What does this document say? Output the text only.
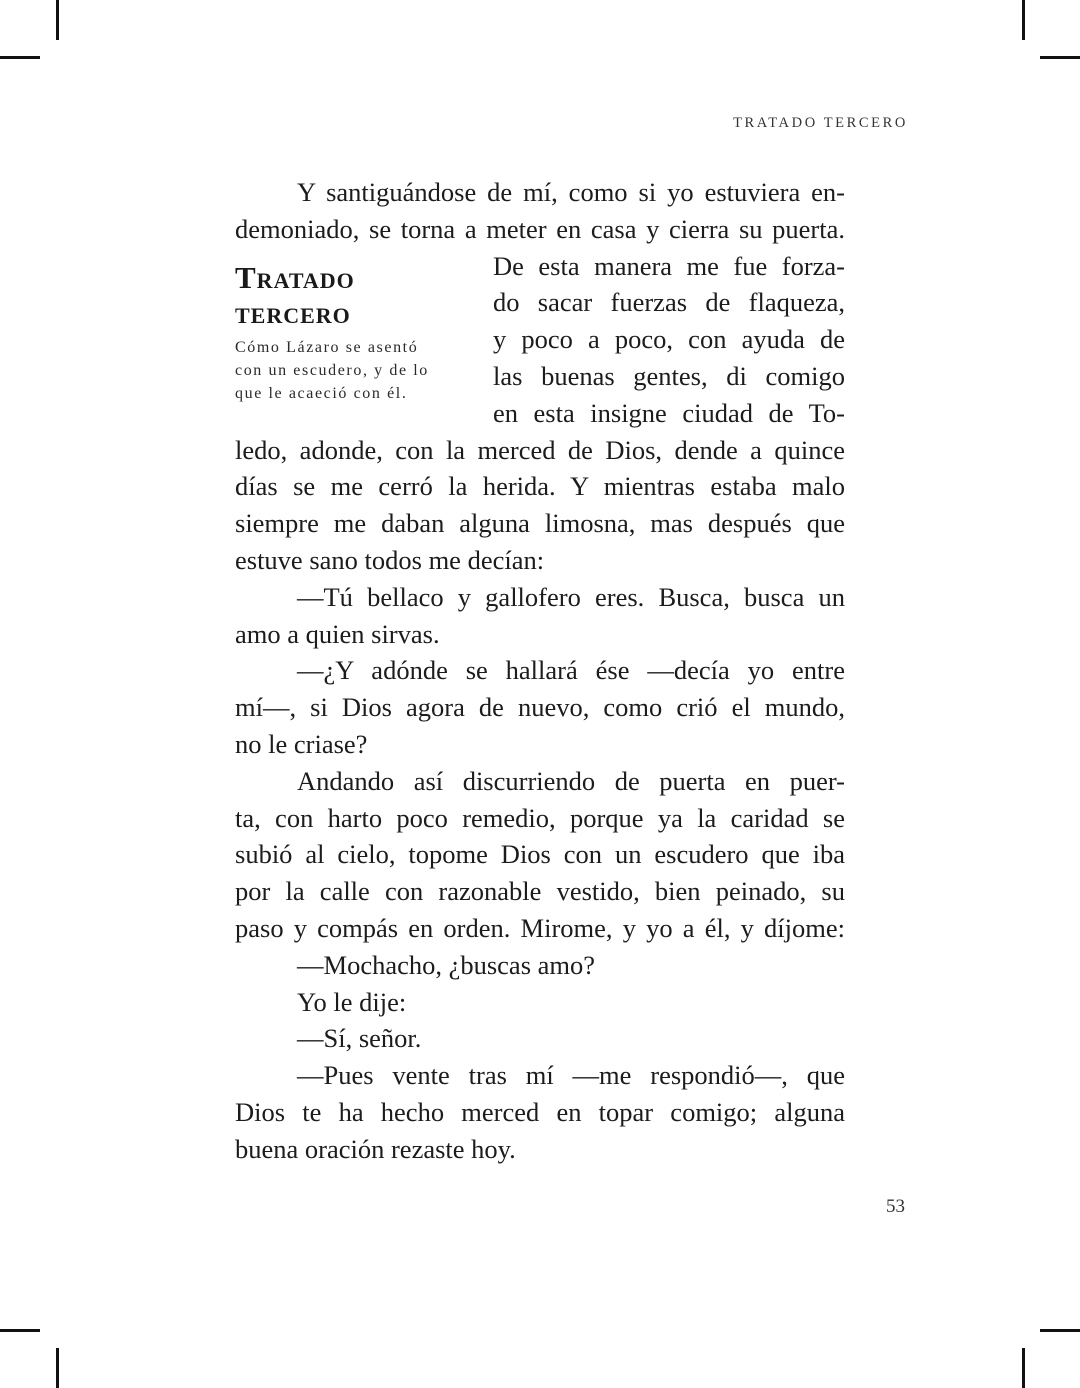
TRATADO TERCERO
Y santiguándose de mí, como si yo estuviera en-
demoniado, se torna a meter en casa y cierra su puerta.
Tratado
tercero
Cómo Lázaro se asentó
con un escudero, y de lo
que le acaeció con él.
De esta manera me fue forza-
do sacar fuerzas de flaqueza,
y poco a poco, con ayuda de
las buenas gentes, di comigo
en esta insigne ciudad de To-
ledo, adonde, con la merced de Dios, dende a quince
días se me cerró la herida. Y mientras estaba malo
siempre me daban alguna limosna, mas después que
estuve sano todos me decían:
—Tú bellaco y gallofero eres. Busca, busca un
amo a quien sirvas.
—¿Y adónde se hallará ése —decía yo entre
mí—, si Dios agora de nuevo, como crió el mundo,
no le criase?
Andando así discurriendo de puerta en puer-
ta, con harto poco remedio, porque ya la caridad se
subió al cielo, topome Dios con un escudero que iba
por la calle con razonable vestido, bien peinado, su
paso y compás en orden. Mirome, y yo a él, y díjome:
—Mochacho, ¿buscas amo?
Yo le dije:
—Sí, señor.
—Pues vente tras mí —me respondió—, que
Dios te ha hecho merced en topar comigo; alguna
buena oración rezaste hoy.
53
